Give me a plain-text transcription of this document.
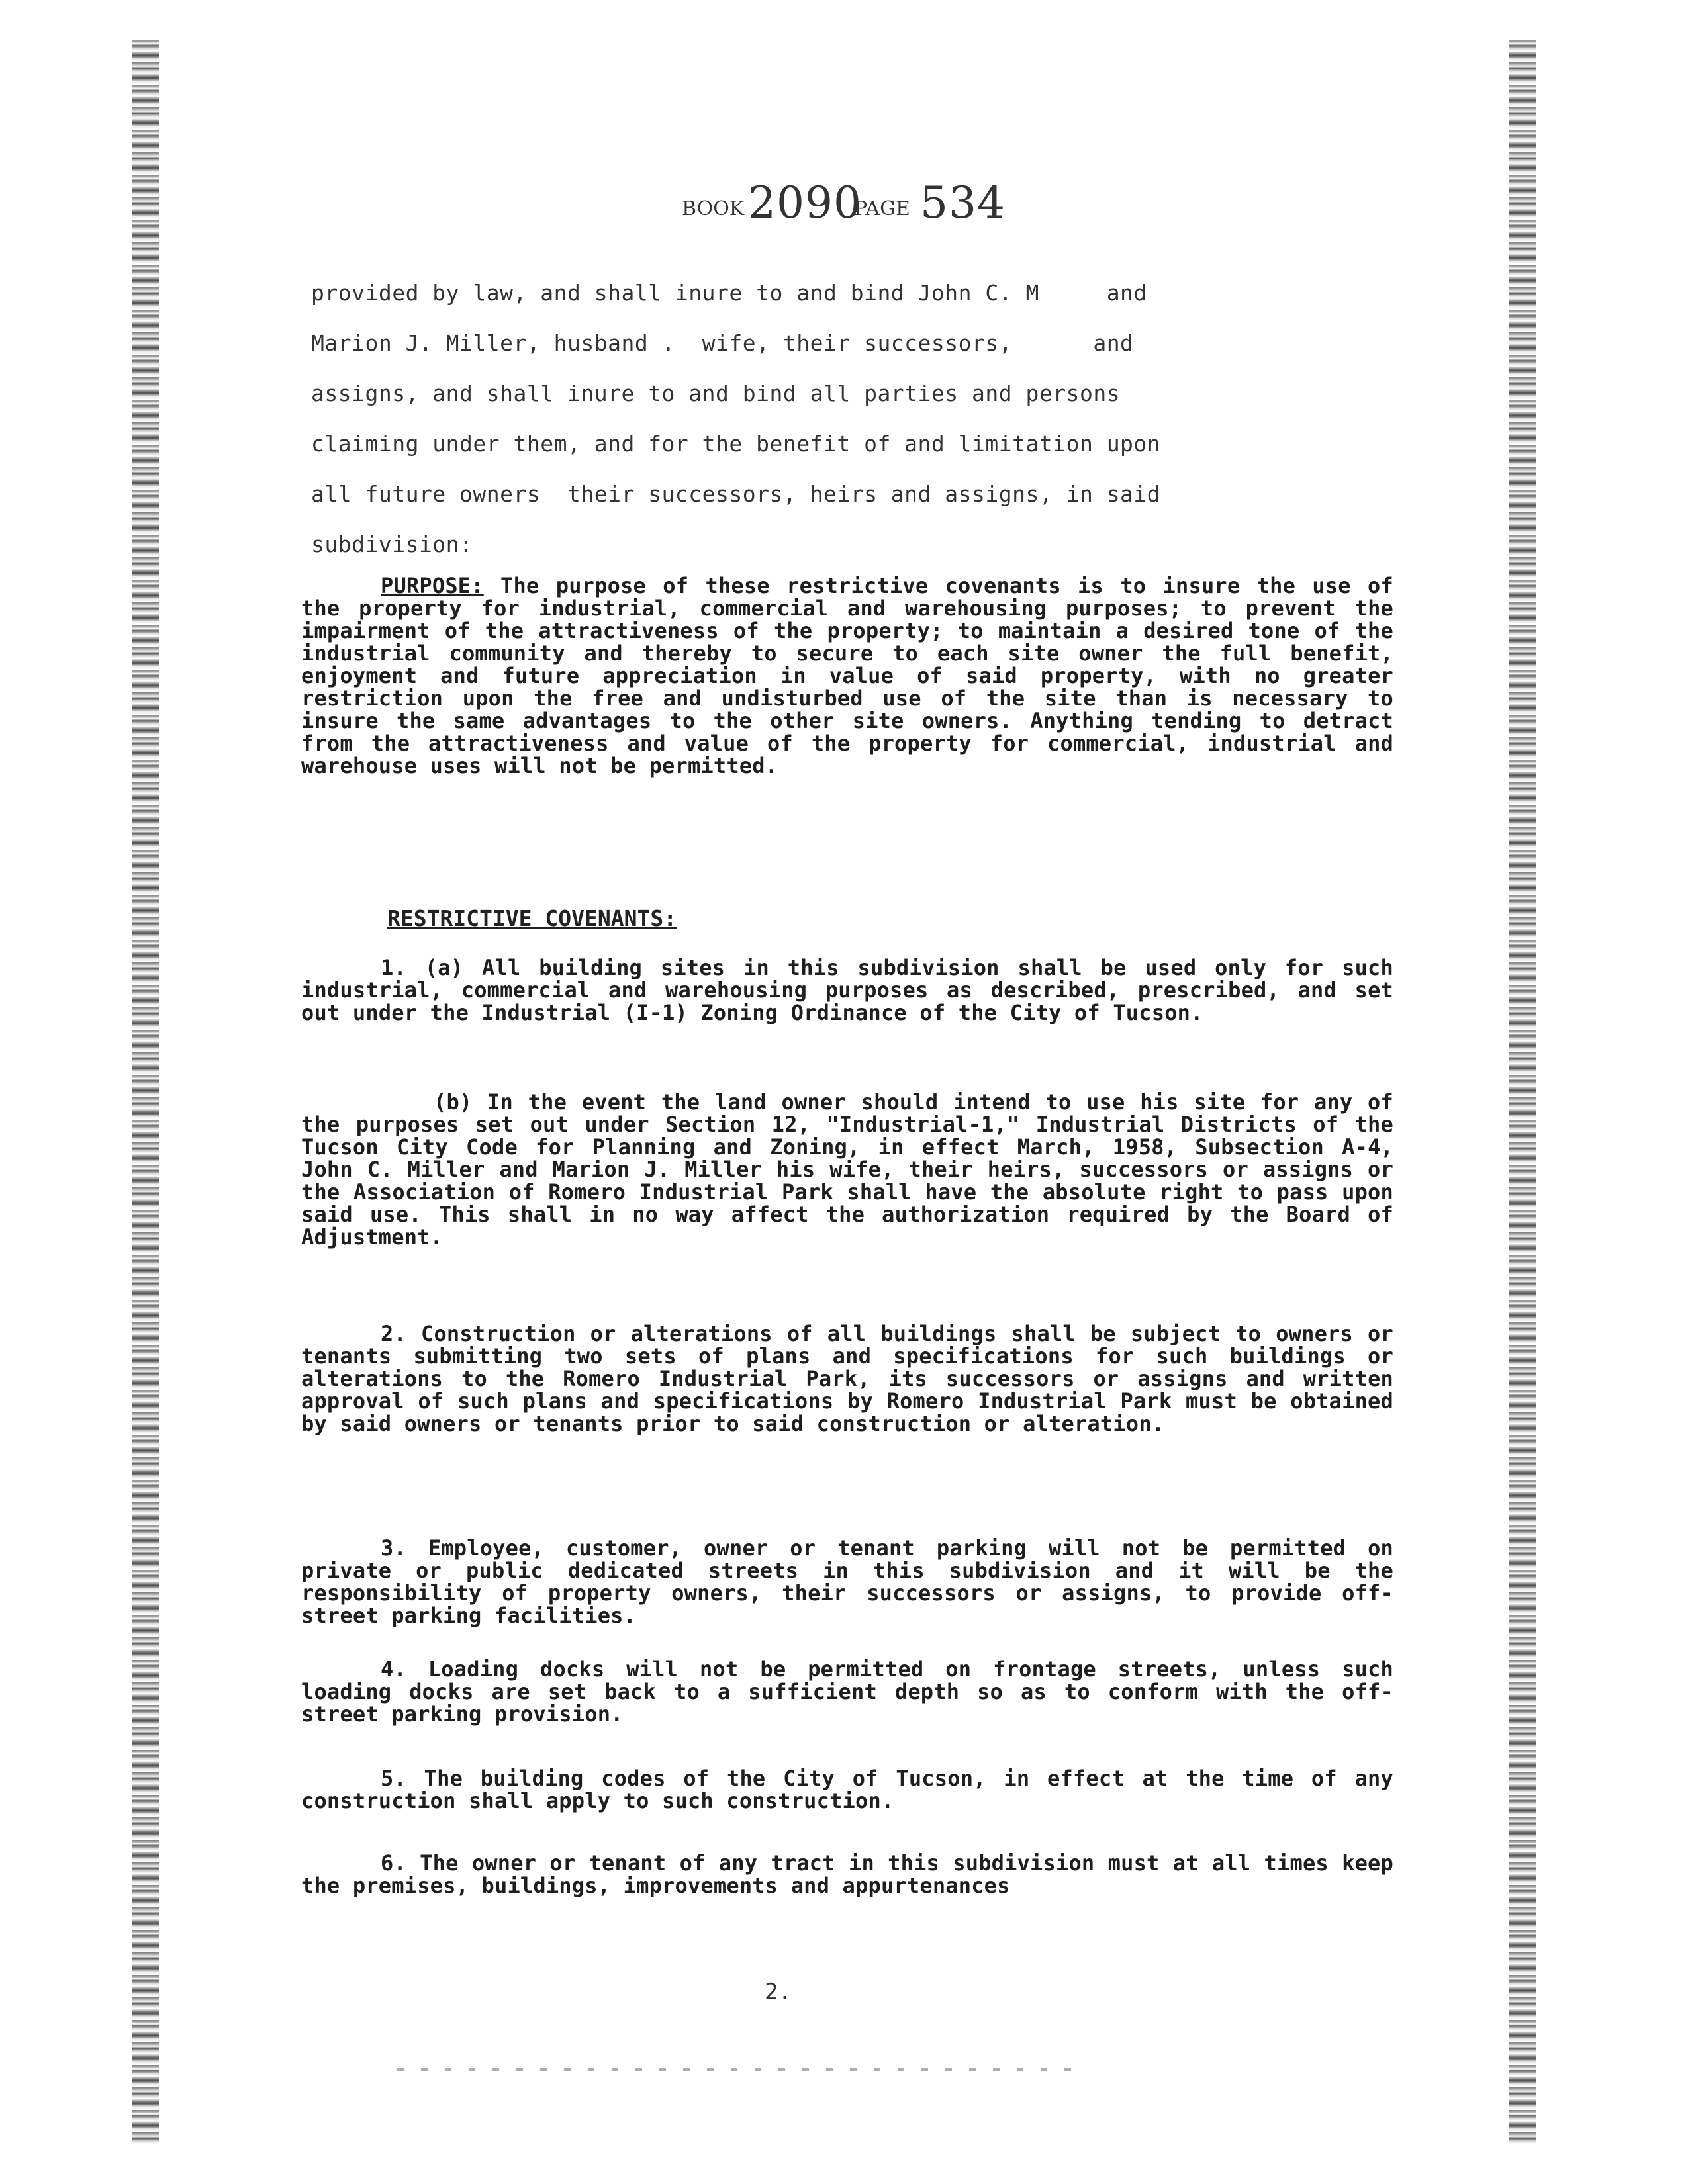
BOOK 2090
PAGE 534
provided by law, and shall inure to and bind John C. M     and
Marion J. Miller, husband .  wife, their successors,      and
assigns, and shall inure to and bind all parties and persons
claiming under them, and for the benefit of and limitation upon
all future owners  their successors, heirs and assigns, in said
subdivision:
PURPOSE: The purpose of these restrictive covenants is to insure the use of the property for industrial, commercial and warehousing purposes; to prevent the impairment of the attractiveness of the property; to maintain a desired tone of the industrial community and thereby to secure to each site owner the full benefit, enjoyment and future appreciation in value of said property, with no greater restriction upon the free and undisturbed use of the site than is necessary to insure the same advantages to the other site owners. Anything tending to detract from the attractiveness and value of the property for commercial, industrial and warehouse uses will not be permitted.
RESTRICTIVE COVENANTS:
1. (a) All building sites in this subdivision shall be used only for such industrial, commercial and warehousing purposes as described, prescribed, and set out under the Industrial (I-1) Zoning Ordinance of the City of Tucson.
(b) In the event the land owner should intend to use his site for any of the purposes set out under Section 12, "Industrial-1," Industrial Districts of the Tucson City Code for Planning and Zoning, in effect March, 1958, Subsection A-4, John C. Miller and Marion J. Miller his wife, their heirs, successors or assigns or the Association of Romero Industrial Park shall have the absolute right to pass upon said use. This shall in no way affect the authorization required by the Board of Adjustment.
2. Construction or alterations of all buildings shall be subject to owners or tenants submitting two sets of plans and specifications for such buildings or alterations to the Romero Industrial Park, its successors or assigns and written approval of such plans and specifications by Romero Industrial Park must be obtained by said owners or tenants prior to said construction or alteration.
3. Employee, customer, owner or tenant parking will not be permitted on private or public dedicated streets in this subdivision and it will be the responsibility of property owners, their successors or assigns, to provide off-street parking facilities.
4. Loading docks will not be permitted on frontage streets, unless such loading docks are set back to a sufficient depth so as to conform with the off-street parking provision.
5. The building codes of the City of Tucson, in effect at the time of any construction shall apply to such construction.
6. The owner or tenant of any tract in this subdivision must at all times keep the premises, buildings, improvements and appurtenances
2.
